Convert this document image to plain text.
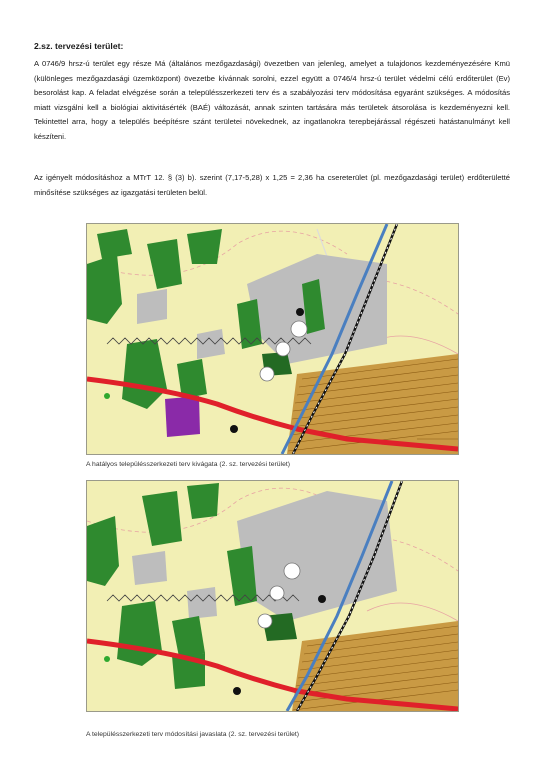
2.sz. tervezési terület:
A 0746/9 hrsz-ú terület egy része Má (általános mezőgazdasági) övezetben van jelenleg, amelyet a tulajdonos kezdeményezésére Kmü (különleges mezőgazdasági üzemközpont) övezetbe kívánnak sorolni, ezzel együtt a 0746/4 hrsz-ú terület védelmi célú erdőterület (Ev) besorolást kap. A feladat elvégzése során a településszerkezeti terv és a szabályozási terv módosítása egyaránt szükséges. A módosítás miatt vizsgálni kell a biológiai aktivitásérték (BAÉ) változását, annak szinten tartására más területek átsorolása is kezdeményezni kell. Tekintettel arra, hogy a település beépítésre szánt területei növekednek, az ingatlanokra terepbejárással régészeti hatástanulmányt kell készíteni.
Az igényelt módosításhoz a MTrT 12. § (3) b). szerint (7,17-5,28) x 1,25 = 2,36 ha csereterület (pl. mezőgazdasági terület) erdőterületté minősítése szükséges az igazgatási területen belül.
A hatályos településszerkezeti terv kivágata (2. sz. tervezési terület)
A településszerkezeti terv módosítási javaslata (2. sz. tervezési terület)
